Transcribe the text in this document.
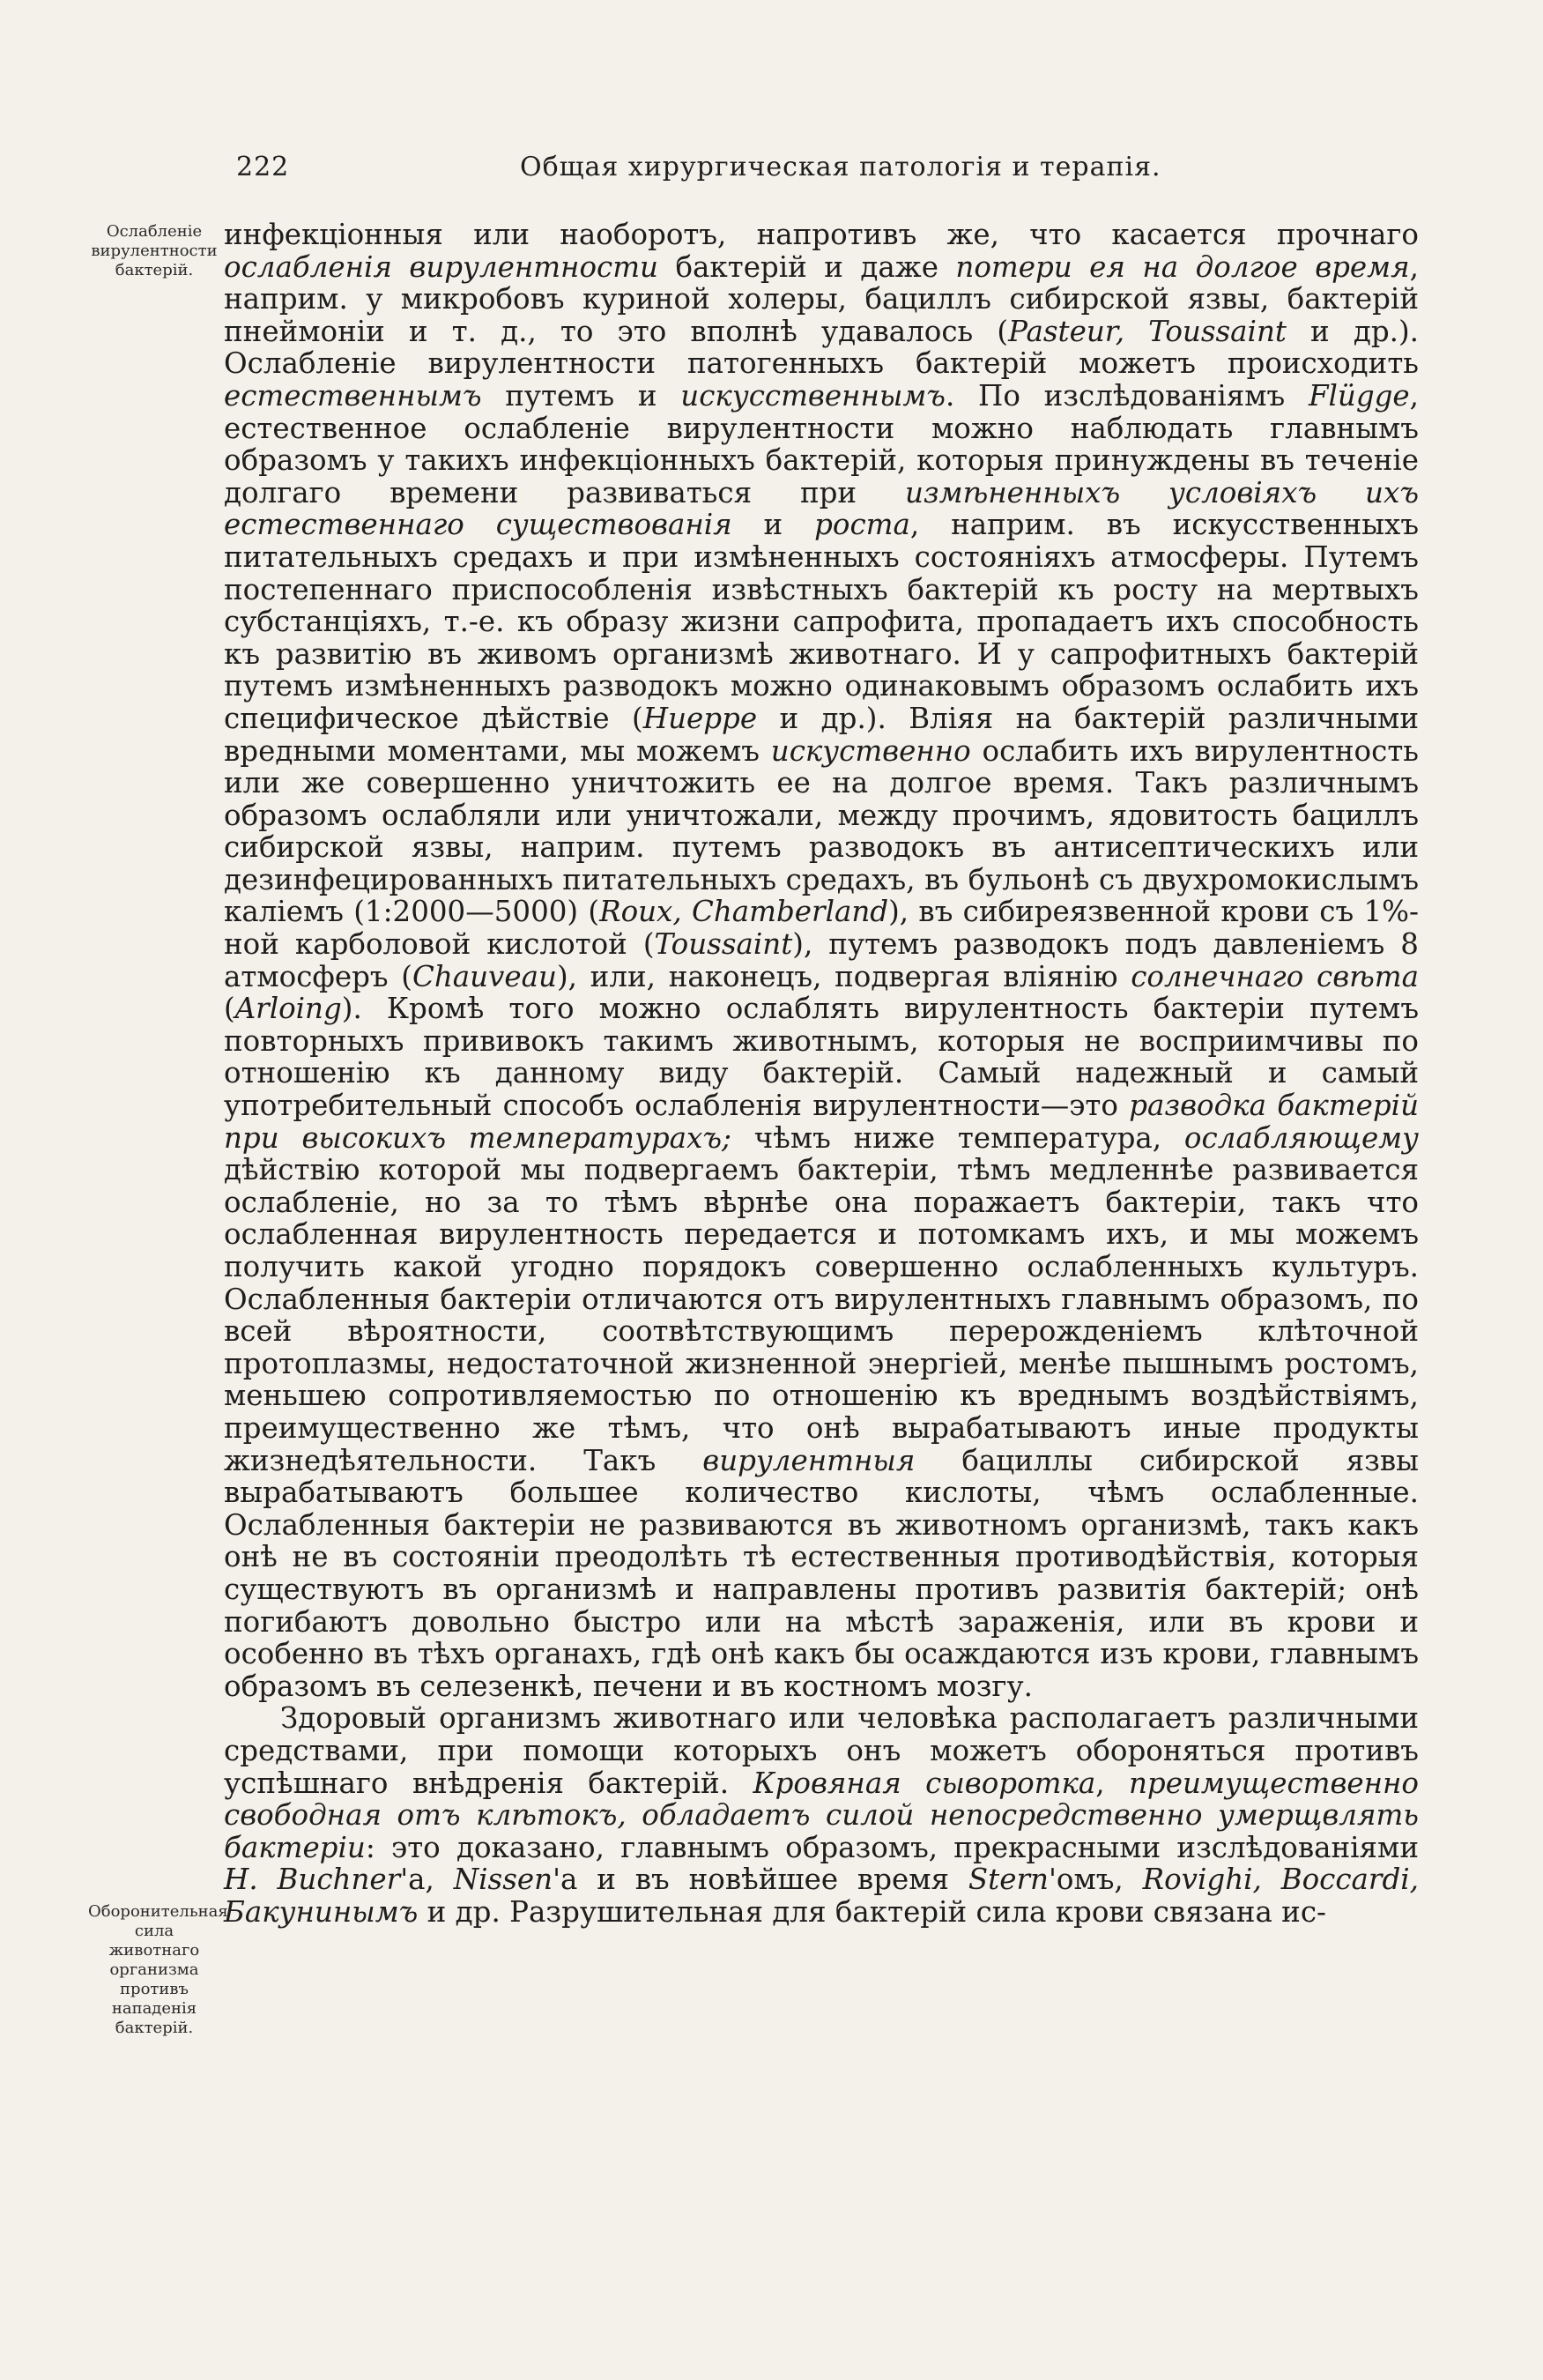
222	Общая хирургическая патологія и терапія.
Ослабленіе вирулентности бактерій.
Оборонительная сила животнаго организма противъ нападенія бактерій.

инфекціонныя или наоборотъ, напротивъ же, что касается прочнаго ослабленія вирулентности бактерій и даже потери ея на долгое время, наприм. у микробовъ куриной холеры, бациллъ сибирской язвы, бактерій пнеймоніи и т. д., то это вполнѣ удавалось (Pasteur, Toussaint и др.). Ослабленіе вирулентности патогенныхъ бактерій можетъ происходить естественнымъ путемъ и искусственнымъ. По изслѣдованіямъ Flügge, естественное ослабленіе вирулентности можно наблюдать главнымъ образомъ у такихъ инфекціонныхъ бактерій, которыя принуждены въ теченіе долгаго времени развиваться при измѣненныхъ условіяхъ ихъ естественнаго существованія и роста, наприм. въ искусственныхъ питательныхъ средахъ и при измѣненныхъ состояніяхъ атмосферы. Путемъ постепеннаго приспособленія извѣстныхъ бактерій къ росту на мертвыхъ субстанціяхъ, т.-е. къ образу жизни сапрофита, пропадаетъ ихъ способность къ развитію въ живомъ организмѣ животнаго. И у сапрофитныхъ бактерій путемъ измѣненныхъ разводокъ можно одинаковымъ образомъ ослабить ихъ специфическое дѣйствіе (Hueppe и др.). Вліяя на бактерій различными вредными моментами, мы можемъ искуственно ослабить ихъ вирулентность или же совершенно уничтожить ее на долгое время. Такъ различнымъ образомъ ослабляли или уничтожали, между прочимъ, ядовитость бациллъ сибирской язвы, наприм. путемъ разводокъ въ антисептическихъ или дезинфецированныхъ питательныхъ средахъ, въ бульонѣ съ двухромокислымъ каліемъ (1:2000—5000) (Roux, Chamberland), въ сибиреязвенной крови съ 1%-ной карболовой кислотой (Toussaint), путемъ разводокъ подъ давленіемъ 8 атмосферъ (Chauveau), или, наконецъ, подвергая вліянію солнечнаго свѣта (Arloing). Кромѣ того можно ослаблять вирулентность бактеріи путемъ повторныхъ прививокъ такимъ животнымъ, которыя не восприимчивы по отношенію къ данному виду бактерій. Самый надежный и самый употребительный способъ ослабленія вирулентности—это разводка бактерій при высокихъ температурахъ; чѣмъ ниже температура, ослабляющему дѣйствію которой мы подвергаемъ бактеріи, тѣмъ медленнѣе развивается ослабленіе, но за то тѣмъ вѣрнѣе она поражаетъ бактеріи, такъ что ослабленная вирулентность передается и потомкамъ ихъ, и мы можемъ получить какой угодно порядокъ совершенно ослабленныхъ культуръ. Ослабленныя бактеріи отличаются отъ вирулентныхъ главнымъ образомъ, по всей вѣроятности, соотвѣтствующимъ перерожденіемъ клѣточной протоплазмы, недостаточной жизненной энергіей, менѣе пышнымъ ростомъ, меньшею сопротивляемостью по отношенію къ вреднымъ воздѣйствіямъ, преимущественно же тѣмъ, что онѣ вырабатываютъ иные продукты жизнедѣятельности. Такъ вирулентныя бациллы сибирской язвы вырабатываютъ большее количество кислоты, чѣмъ ослабленные. Ослабленныя бактеріи не развиваются въ животномъ организмѣ, такъ какъ онѣ не въ состояніи преодолѣть тѣ естественныя противодѣйствія, которыя существуютъ въ организмѣ и направлены противъ развитія бактерій; онѣ погибаютъ довольно быстро или на мѣстѣ зараженія, или въ крови и особенно въ тѣхъ органахъ, гдѣ онѣ какъ бы осаждаются изъ крови, главнымъ образомъ въ селезенкѣ, печени и въ костномъ мозгу.

Здоровый организмъ животнаго или человѣка располагаетъ различными средствами, при помощи которыхъ онъ можетъ обороняться противъ успѣшнаго внѣдренія бактерій. Кровяная сыворотка, преимущественно свободная отъ клѣтокъ, обладаетъ силой непосредственно умерщвлять бактеріи: это доказано, главнымъ образомъ, прекрасными изслѣдованіями H. Buchner'а, Nissen'а и въ новѣйшее время Stern'омъ, Rovighi, Boccardi, Бакунинымъ и др. Разрушительная для бактерій сила крови связана ис-
